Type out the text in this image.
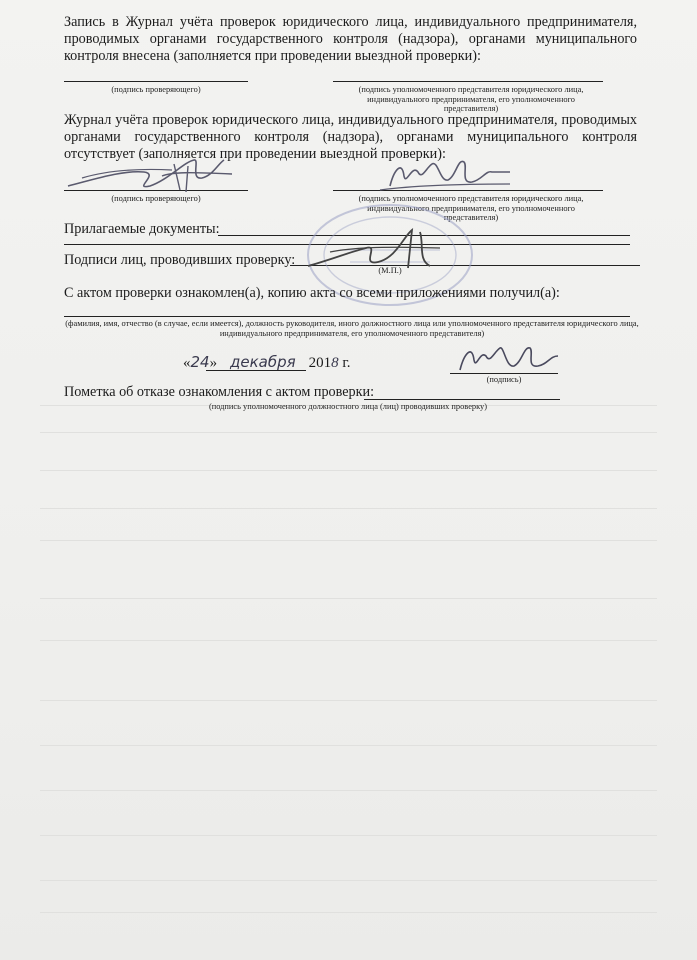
Запись в Журнал учёта проверок юридического лица, индивидуального предпринимателя, проводимых органами государственного контроля (надзора), органами муниципального контроля внесена (заполняется при проведении выездной проверки):
(подпись проверяющего)	(подпись уполномоченного представителя юридического лица, индивидуального предпринимателя, его уполномоченного представителя)
Журнал учёта проверок юридического лица, индивидуального предпринимателя, проводимых органами государственного контроля (надзора), органами муниципального контроля отсутствует (заполняется при проведении выездной проверки):
(подпись проверяющего)	(подпись уполномоченного представителя юридического лица, индивидуального предпринимателя, его уполномоченного представителя)
Прилагаемые документы:
Подписи лиц, проводивших проверку:
(М.П.)
С актом проверки ознакомлен(а), копию акта со всеми приложениями получил(а):
(фамилия, имя, отчество (в случае, если имеется), должность руководителя, иного должностного лица или уполномоченного представителя юридического лица, индивидуального предпринимателя, его уполномоченного представителя)
«24» декабря 2018 г.
(подпись)
Пометка об отказе ознакомления с актом проверки:
(подпись уполномоченного должностного лица (лиц) проводивших проверку)
